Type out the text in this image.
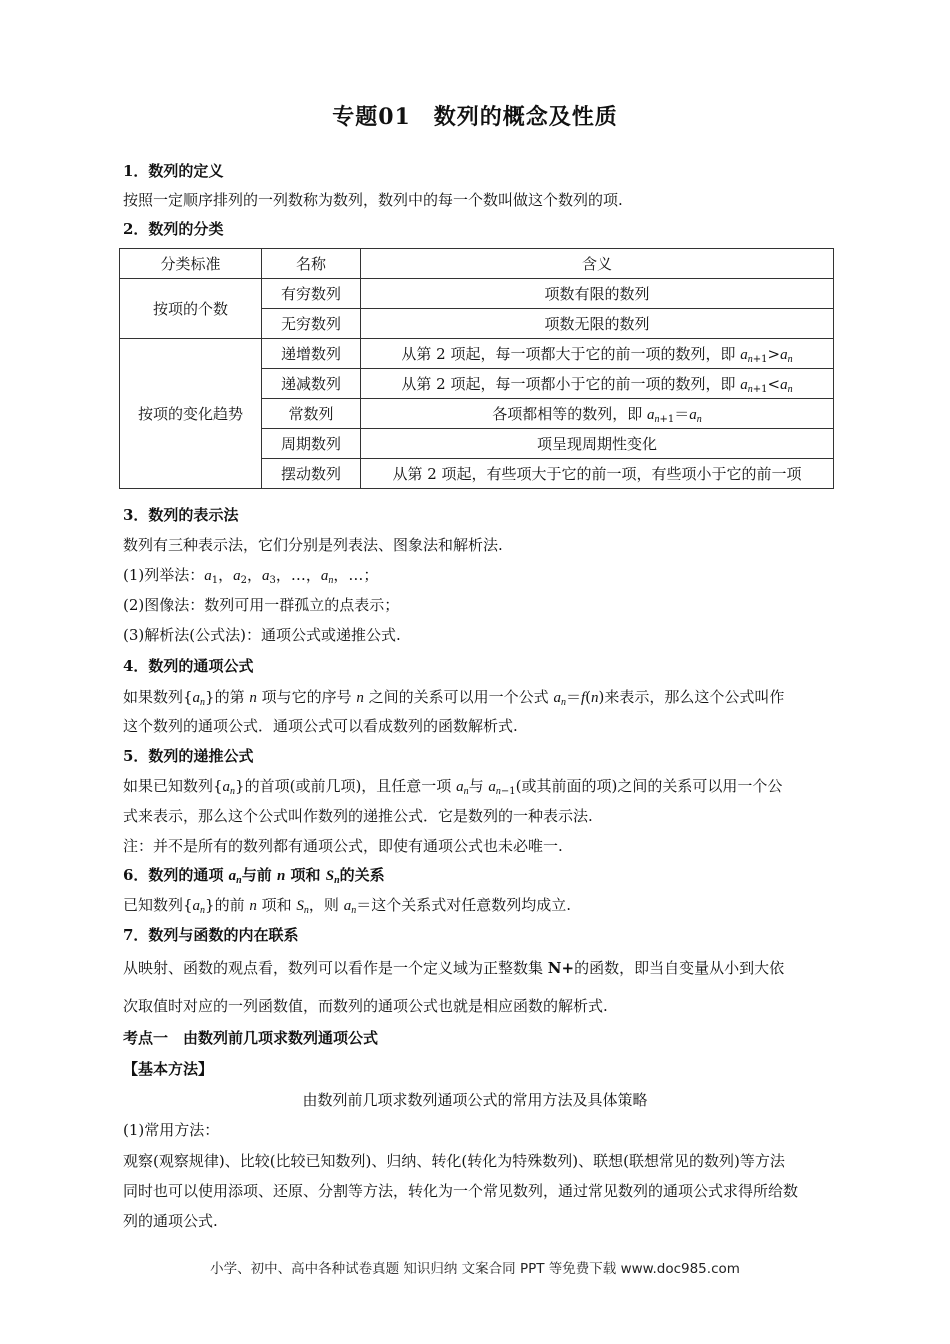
专题01　数列的概念及性质
1．数列的定义
按照一定顺序排列的一列数称为数列，数列中的每一个数叫做这个数列的项.
2．数列的分类
分类标准	名称	含义
按项的个数	有穷数列	项数有限的数列
	无穷数列	项数无限的数列
按项的变化趋势	递增数列	从第 2 项起，每一项都大于它的前一项的数列，即 $a_{n+1}>a_n$
	递减数列	从第 2 项起，每一项都小于它的前一项的数列，即 $a_{n+1}<a_n$
	常数列	各项都相等的数列，即 $a_{n+1}=a_n$
	周期数列	项呈现周期性变化
	摆动数列	从第 2 项起，有些项大于它的前一项，有些项小于它的前一项
3．数列的表示法
数列有三种表示法，它们分别是列表法、图象法和解析法.
(1)列举法：$a_1$，$a_2$，$a_3$，…，$a_n$，…；
(2)图像法：数列可用一群孤立的点表示；
(3)解析法(公式法)：通项公式或递推公式.
4．数列的通项公式
如果数列$\{a_n\}$的第 n 项与它的序号 n 之间的关系可以用一个公式 $a_n=f(n)$来表示，那么这个公式叫作
这个数列的通项公式．通项公式可以看成数列的函数解析式.
5．数列的递推公式
如果已知数列$\{a_n\}$的首项(或前几项)，且任意一项 $a_n$与 $a_{n-1}$(或其前面的项)之间的关系可以用一个公
式来表示，那么这个公式叫作数列的递推公式．它是数列的一种表示法.
注：并不是所有的数列都有通项公式，即使有通项公式也未必唯一.
6．数列的通项 $a_n$与前 n 项和 $S_n$的关系
已知数列$\{a_n\}$的前 n 项和 $S_n$，则 $a_n=$这个关系式对任意数列均成立.
7．数列与函数的内在联系
从映射、函数的观点看，数列可以看作是一个定义域为正整数集 N+的函数，即当自变量从小到大依
次取值时对应的一列函数值，而数列的通项公式也就是相应函数的解析式.
考点一　由数列前几项求数列通项公式
【基本方法】
由数列前几项求数列通项公式的常用方法及具体策略
(1)常用方法：
观察(观察规律)、比较(比较已知数列)、归纳、转化(转化为特殊数列)、联想(联想常见的数列)等方法
同时也可以使用添项、还原、分割等方法，转化为一个常见数列，通过常见数列的通项公式求得所给数
列的通项公式.
小学、初中、高中各种试卷真题 知识归纳 文案合同 PPT 等免费下载 www.doc985.com
